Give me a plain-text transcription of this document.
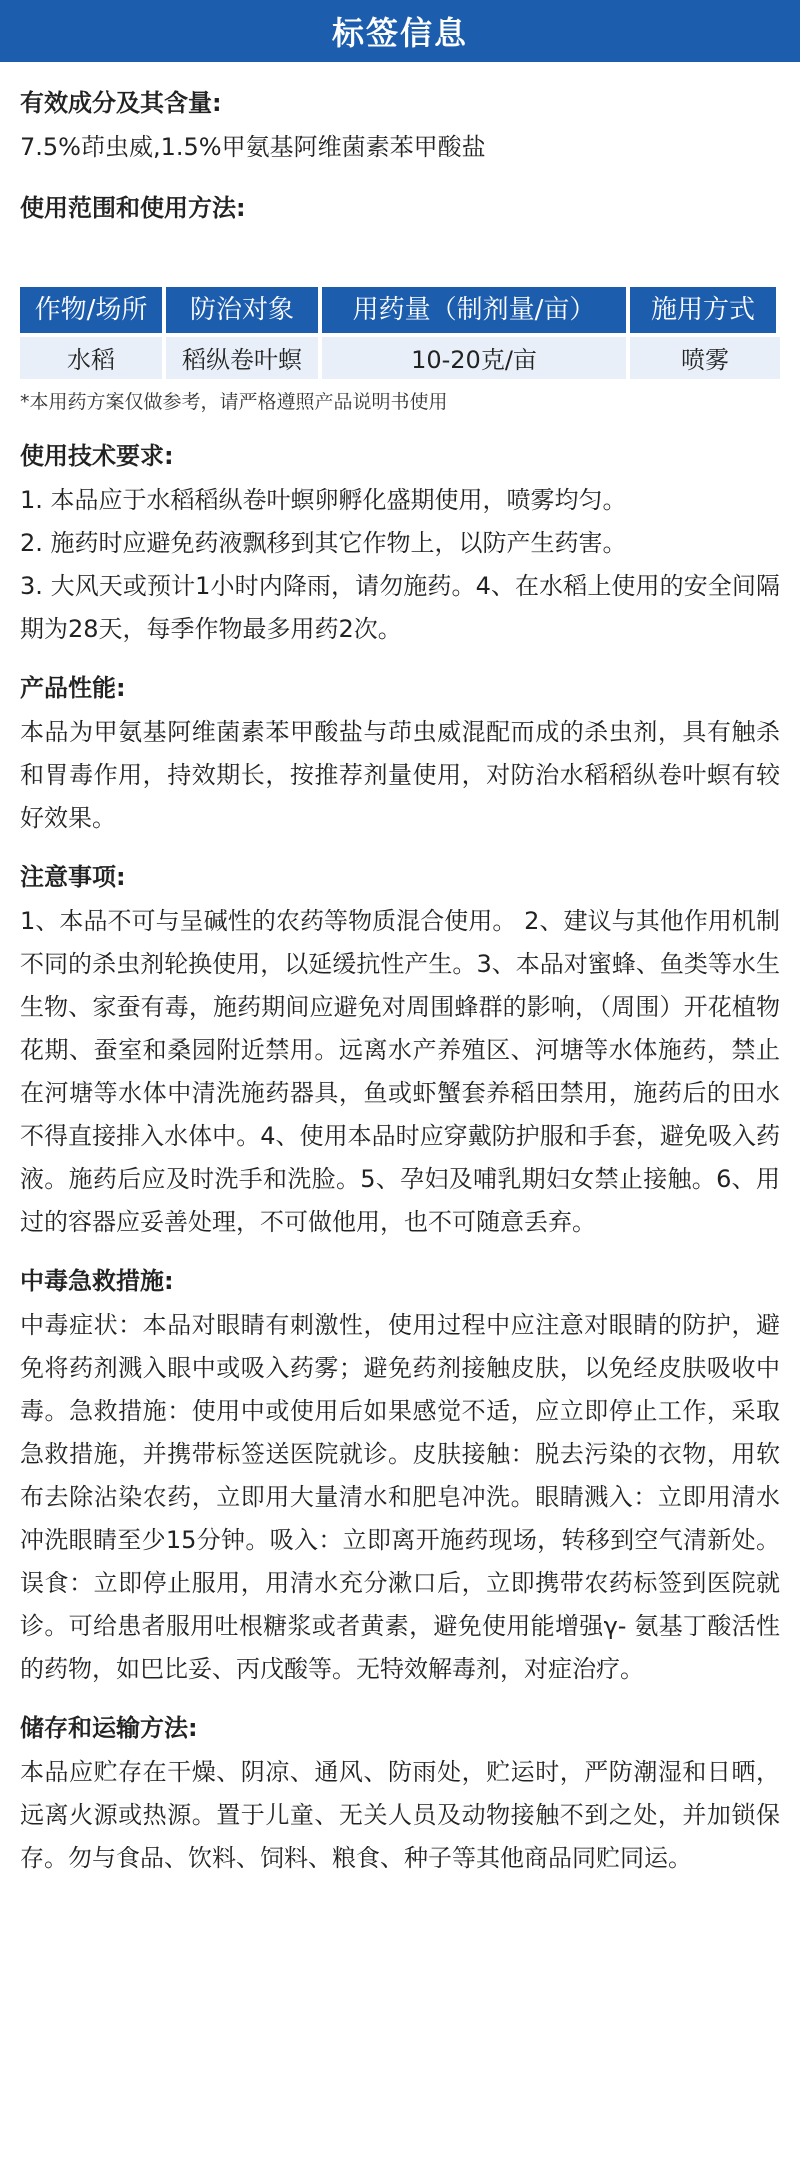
标签信息
有效成分及其含量:
7.5%茚虫威,1.5%甲氨基阿维菌素苯甲酸盐
使用范围和使用方法:
作物/场所	防治对象	用药量（制剂量/亩）	施用方式
水稻	稻纵卷叶螟	10-20克/亩	喷雾
*本用药方案仅做参考，请严格遵照产品说明书使用
使用技术要求:
1. 本品应于水稻稻纵卷叶螟卵孵化盛期使用，喷雾均匀。
2. 施药时应避免药液飘移到其它作物上，以防产生药害。
3. 大风天或预计1小时内降雨，请勿施药。4、在水稻上使用的安全间隔期为28天，每季作物最多用药2次。
产品性能:
本品为甲氨基阿维菌素苯甲酸盐与茚虫威混配而成的杀虫剂，具有触杀和胃毒作用，持效期长，按推荐剂量使用，对防治水稻稻纵卷叶螟有较好效果。
注意事项:
1、本品不可与呈碱性的农药等物质混合使用。 2、建议与其他作用机制不同的杀虫剂轮换使用，以延缓抗性产生。3、本品对蜜蜂、鱼类等水生生物、家蚕有毒，施药期间应避免对周围蜂群的影响，（周围）开花植物花期、蚕室和桑园附近禁用。远离水产养殖区、河塘等水体施药，禁止在河塘等水体中清洗施药器具，鱼或虾蟹套养稻田禁用，施药后的田水不得直接排入水体中。4、使用本品时应穿戴防护服和手套，避免吸入药液。施药后应及时洗手和洗脸。5、孕妇及哺乳期妇女禁止接触。6、用过的容器应妥善处理，不可做他用，也不可随意丢弃。
中毒急救措施:
中毒症状：本品对眼睛有刺激性，使用过程中应注意对眼睛的防护，避免将药剂溅入眼中或吸入药雾；避免药剂接触皮肤，以免经皮肤吸收中毒。急救措施：使用中或使用后如果感觉不适，应立即停止工作，采取急救措施，并携带标签送医院就诊。皮肤接触：脱去污染的衣物，用软布去除沾染农药，立即用大量清水和肥皂冲洗。眼睛溅入：立即用清水冲洗眼睛至少15分钟。吸入：立即离开施药现场，转移到空气清新处。误食：立即停止服用，用清水充分漱口后，立即携带农药标签到医院就诊。可给患者服用吐根糖浆或者黄素，避免使用能增强γ- 氨基丁酸活性的药物，如巴比妥、丙戊酸等。无特效解毒剂，对症治疗。
储存和运输方法:
本品应贮存在干燥、阴凉、通风、防雨处，贮运时，严防潮湿和日晒，远离火源或热源。置于儿童、无关人员及动物接触不到之处，并加锁保存。勿与食品、饮料、饲料、粮食、种子等其他商品同贮同运。
